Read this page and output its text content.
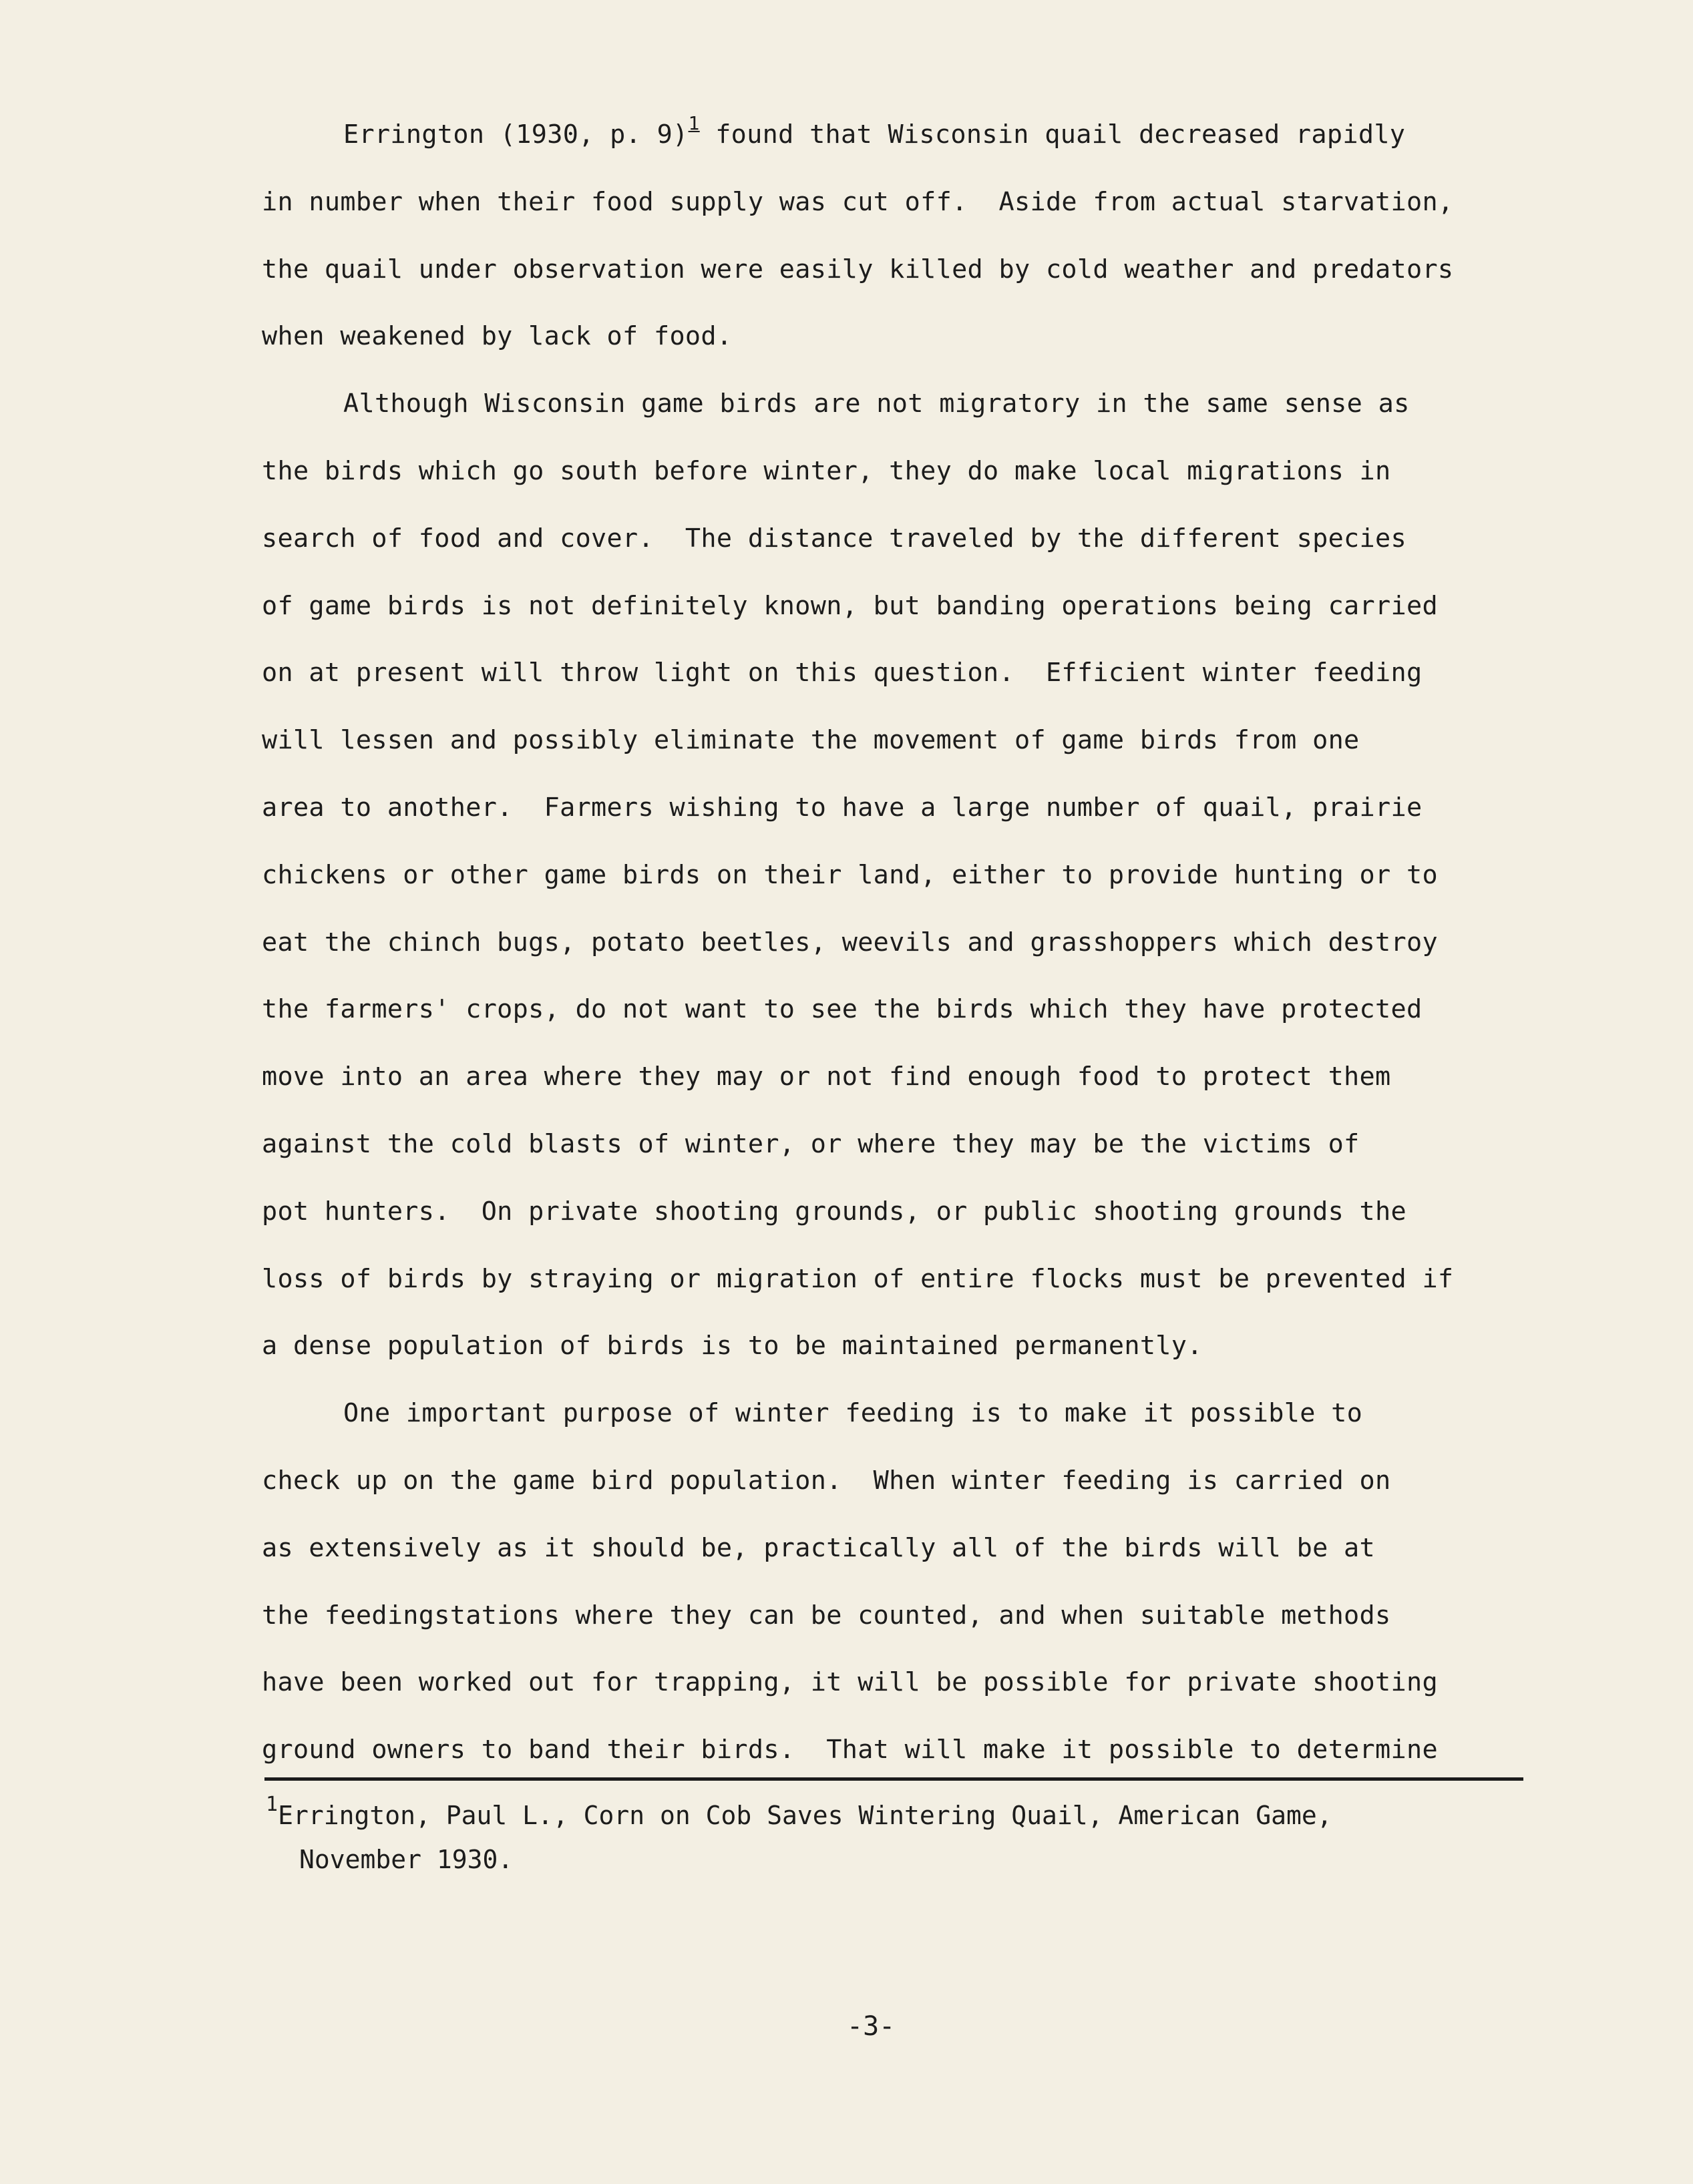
Errington (1930, p. 9)$^1$ found that Wisconsin quail decreased rapidly
in number when their food supply was cut off.  Aside from actual starvation,
the quail under observation were easily killed by cold weather and predators
when weakened by lack of food.
Although Wisconsin game birds are not migratory in the same sense as
the birds which go south before winter, they do make local migrations in
search of food and cover.  The distance traveled by the different species
of game birds is not definitely known, but banding operations being carried
on at present will throw light on this question.  Efficient winter feeding
will lessen and possibly eliminate the movement of game birds from one
area to another.  Farmers wishing to have a large number of quail, prairie
chickens or other game birds on their land, either to provide hunting or to
eat the chinch bugs, potato beetles, weevils and grasshoppers which destroy
the farmers' crops, do not want to see the birds which they have protected
move into an area where they may or not find enough food to protect them
against the cold blasts of winter, or where they may be the victims of
pot hunters.  On private shooting grounds, or public shooting grounds the
loss of birds by straying or migration of entire flocks must be prevented if
a dense population of birds is to be maintained permanently.
One important purpose of winter feeding is to make it possible to
check up on the game bird population.  When winter feeding is carried on
as extensively as it should be, practically all of the birds will be at
the feedingstations where they can be counted, and when suitable methods
have been worked out for trapping, it will be possible for private shooting
ground owners to band their birds.  That will make it possible to determine
$^1$Errington, Paul L., Corn on Cob Saves Wintering Quail, American Game,
November 1930.
-3-
